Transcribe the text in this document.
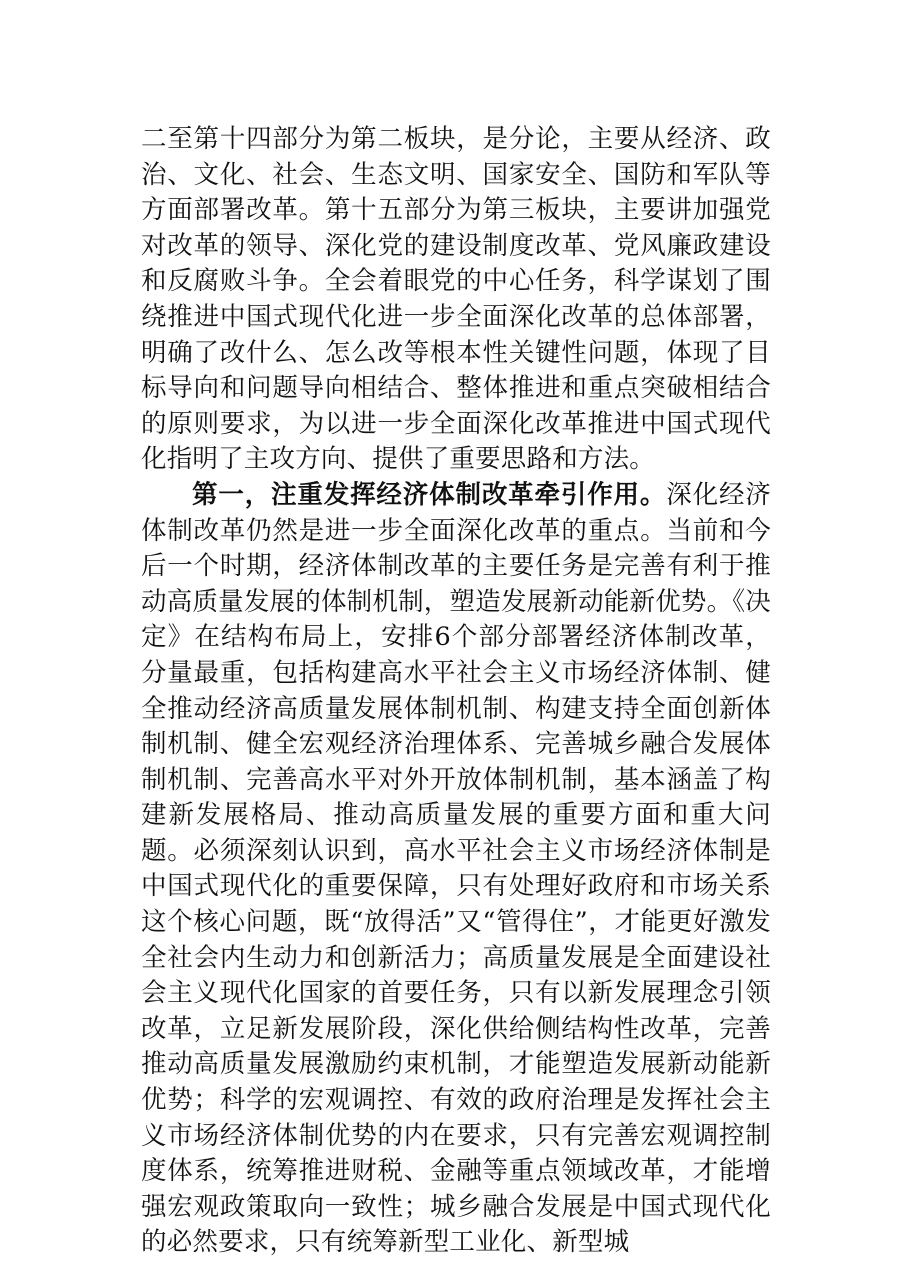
二至第十四部分为第二板块，是分论，主要从经济、政治、文化、社会、生态文明、国家安全、国防和军队等方面部署改革。第十五部分为第三板块，主要讲加强党对改革的领导、深化党的建设制度改革、党风廉政建设和反腐败斗争。全会着眼党的中心任务，科学谋划了围绕推进中国式现代化进一步全面深化改革的总体部署，明确了改什么、怎么改等根本性关键性问题，体现了目标导向和问题导向相结合、整体推进和重点突破相结合的原则要求，为以进一步全面深化改革推进中国式现代化指明了主攻方向、提供了重要思路和方法。

第一，注重发挥经济体制改革牵引作用。深化经济体制改革仍然是进一步全面深化改革的重点。当前和今后一个时期，经济体制改革的主要任务是完善有利于推动高质量发展的体制机制，塑造发展新动能新优势。《决定》在结构布局上，安排6个部分部署经济体制改革，分量最重，包括构建高水平社会主义市场经济体制、健全推动经济高质量发展体制机制、构建支持全面创新体制机制、健全宏观经济治理体系、完善城乡融合发展体制机制、完善高水平对外开放体制机制，基本涵盖了构建新发展格局、推动高质量发展的重要方面和重大问题。必须深刻认识到，高水平社会主义市场经济体制是中国式现代化的重要保障，只有处理好政府和市场关系这个核心问题，既“放得活”又“管得住”，才能更好激发全社会内生动力和创新活力；高质量发展是全面建设社会主义现代化国家的首要任务，只有以新发展理念引领改革，立足新发展阶段，深化供给侧结构性改革，完善推动高质量发展激励约束机制，才能塑造发展新动能新优势；科学的宏观调控、有效的政府治理是发挥社会主义市场经济体制优势的内在要求，只有完善宏观调控制度体系，统筹推进财税、金融等重点领域改革，才能增强宏观政策取向一致性；城乡融合发展是中国式现代化的必然要求，只有统筹新型工业化、新型城
